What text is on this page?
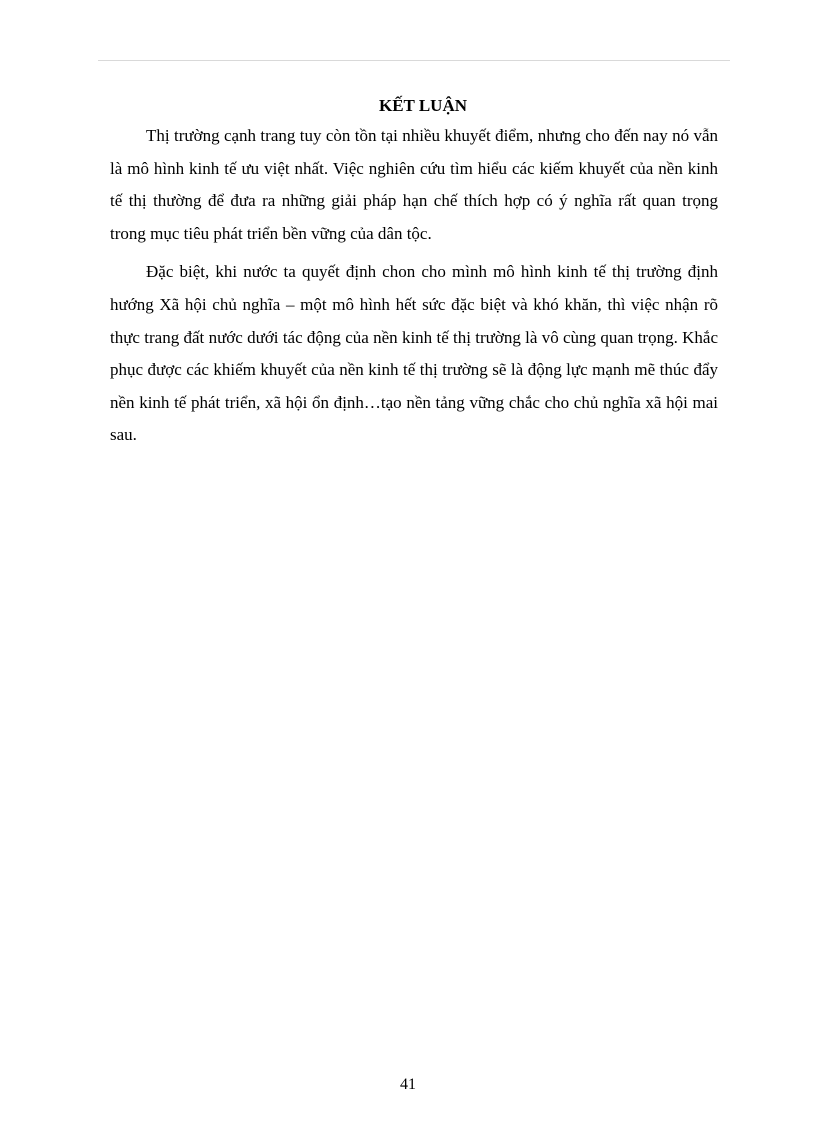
KẾT LUẬN

Thị trường cạnh trang tuy còn tồn tại nhiều khuyết điểm, nhưng cho đến nay nó vẫn là mô hình kinh tế ưu việt nhất. Việc nghiên cứu tìm hiểu các kiếm khuyết của nền kinh tế thị thường để đưa ra những giải pháp hạn chế thích hợp có ý nghĩa rất quan trọng trong mục tiêu phát triển bền vững của dân tộc.

Đặc biệt, khi nước ta quyết định chon cho mình mô hình kinh tế thị trường định hướng Xã hội chủ nghĩa – một mô hình hết sức đặc biệt và khó khăn, thì việc nhận rõ thực trang đất nước dưới tác động của nền kinh tế thị trường là vô cùng quan trọng. Khắc phục được các khiếm khuyết của nền kinh tế thị trường sẽ là động lực mạnh mẽ thúc đẩy nền kinh tế phát triển, xã hội ổn định…tạo nền tảng vững chắc cho chủ nghĩa xã hội mai sau.

41
